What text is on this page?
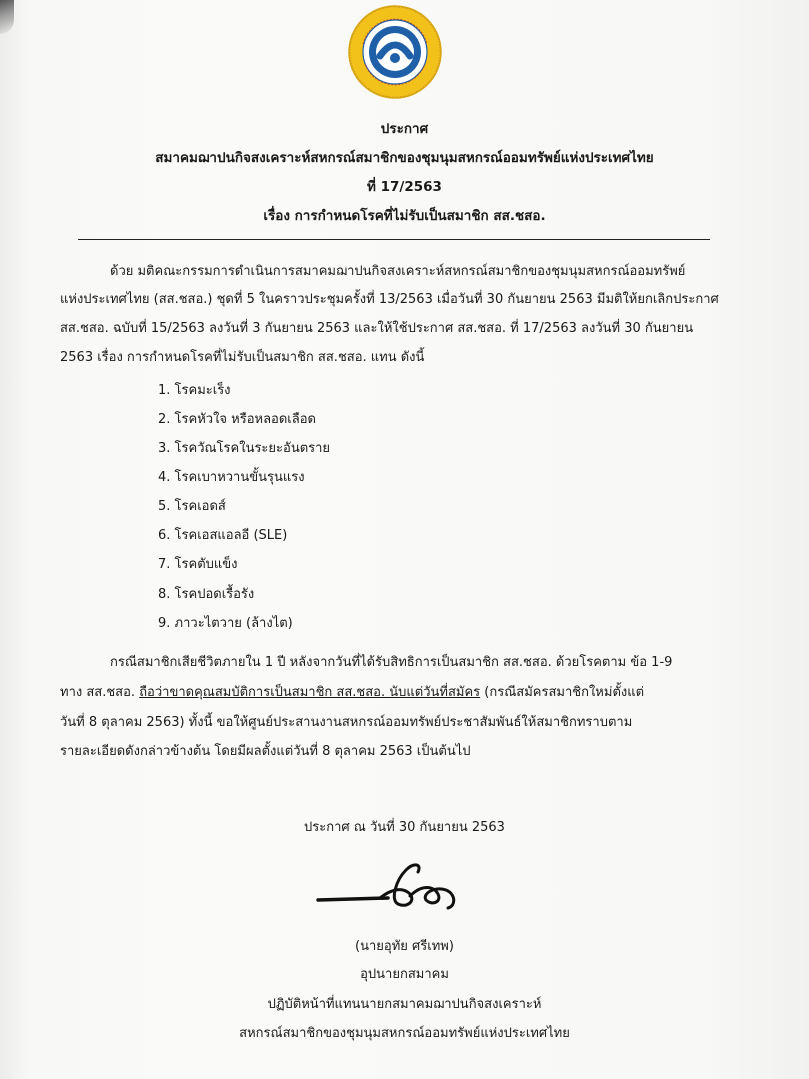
ประกาศ
สมาคมฌาปนกิจสงเคราะห์สหกรณ์สมาชิกของชุมนุมสหกรณ์ออมทรัพย์แห่งประเทศไทย
ที่ 17/2563
เรื่อง การกำหนดโรคที่ไม่รับเป็นสมาชิก สส.ชสอ.
ด้วย มติคณะกรรมการดำเนินการสมาคมฌาปนกิจสงเคราะห์สหกรณ์สมาชิกของชุมนุมสหกรณ์ออมทรัพย์
แห่งประเทศไทย (สส.ชสอ.) ชุดที่ 5 ในคราวประชุมครั้งที่ 13/2563 เมื่อวันที่ 30 กันยายน 2563 มีมติให้ยกเลิกประกาศ
สส.ชสอ. ฉบับที่ 15/2563 ลงวันที่ 3 กันยายน 2563 และให้ใช้ประกาศ สส.ชสอ. ที่ 17/2563 ลงวันที่ 30 กันยายน
2563 เรื่อง การกำหนดโรคที่ไม่รับเป็นสมาชิก สส.ชสอ. แทน ดังนี้
1. โรคมะเร็ง
2. โรคหัวใจ หรือหลอดเลือด
3. โรควัณโรคในระยะอันตราย
4. โรคเบาหวานขั้นรุนแรง
5. โรคเอดส์
6. โรคเอสแอลอี (SLE)
7. โรคตับแข็ง
8. โรคปอดเรื้อรัง
9. ภาวะไตวาย (ล้างไต)
กรณีสมาชิกเสียชีวิตภายใน 1 ปี หลังจากวันที่ได้รับสิทธิการเป็นสมาชิก สส.ชสอ. ด้วยโรคตาม ข้อ 1-9
ทาง สส.ชสอ. ถือว่าขาดคุณสมบัติการเป็นสมาชิก สส.ชสอ. นับแต่วันที่สมัคร (กรณีสมัครสมาชิกใหม่ตั้งแต่
วันที่ 8 ตุลาคม 2563) ทั้งนี้ ขอให้ศูนย์ประสานงานสหกรณ์ออมทรัพย์ประชาสัมพันธ์ให้สมาชิกทราบตาม
รายละเอียดดังกล่าวข้างต้น โดยมีผลตั้งแต่วันที่ 8 ตุลาคม 2563 เป็นต้นไป
ประกาศ ณ วันที่ 30 กันยายน 2563
(นายอุทัย ศรีเทพ)
อุปนายกสมาคม
ปฏิบัติหน้าที่แทนนายกสมาคมฌาปนกิจสงเคราะห์
สหกรณ์สมาชิกของชุมนุมสหกรณ์ออมทรัพย์แห่งประเทศไทย
